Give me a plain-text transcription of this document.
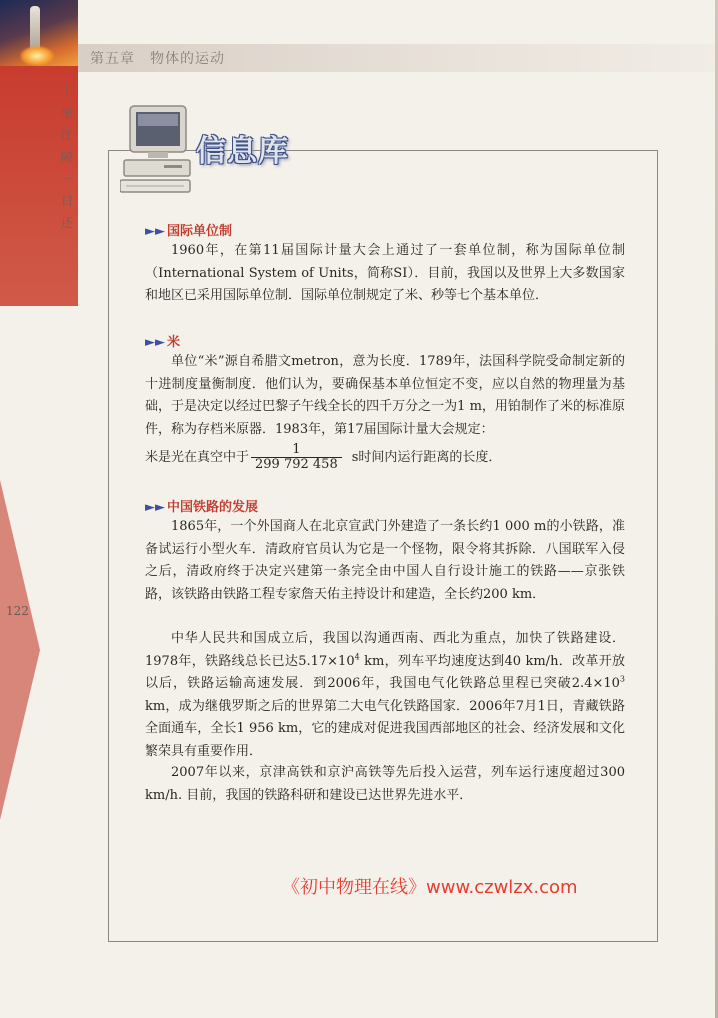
千里江陵一日还
第五章　物体的运动
122
信息库
►► 国际单位制
1960年，在第11届国际计量大会上通过了一套单位制，称为国际单位制（International System of Units，简称SI）．目前，我国以及世界上大多数国家和地区已采用国际单位制．国际单位制规定了米、秒等七个基本单位．
►► 米
单位“米”源自希腊文metron，意为长度．1789年，法国科学院受命制定新的十进制度量衡制度．他们认为，要确保基本单位恒定不变，应以自然的物理量为基础，于是决定以经过巴黎子午线全长的四千万分之一为1 m，用铂制作了米的标准原件，称为存档米原器．1983年，第17届国际计量大会规定：
米是光在真空中于 $\frac{1}{299 792 458}$ s时间内运行距离的长度．
►► 中国铁路的发展
1865年，一个外国商人在北京宣武门外建造了一条长约1 000 m的小铁路，准备试运行小型火车．清政府官员认为它是一个怪物，限令将其拆除．八国联军入侵之后，清政府终于决定兴建第一条完全由中国人自行设计施工的铁路——京张铁路，该铁路由铁路工程专家詹天佑主持设计和建造，全长约200 km．
中华人民共和国成立后，我国以沟通西南、西北为重点，加快了铁路建设．1978年，铁路线总长已达$5.17\times 10^4$ km，列车平均速度达到40 km/h．改革开放以后，铁路运输高速发展．到2006年，我国电气化铁路总里程已突破$2.4\times 10^3$ km，成为继俄罗斯之后的世界第二大电气化铁路国家．2006年7月1日，青藏铁路全面通车，全长1 956 km，它的建成对促进我国西部地区的社会、经济发展和文化繁荣具有重要作用．
2007年以来，京津高铁和京沪高铁等先后投入运营，列车运行速度超过300 km/h. 目前，我国的铁路科研和建设已达世界先进水平．
《初中物理在线》www.czwlzx.com
